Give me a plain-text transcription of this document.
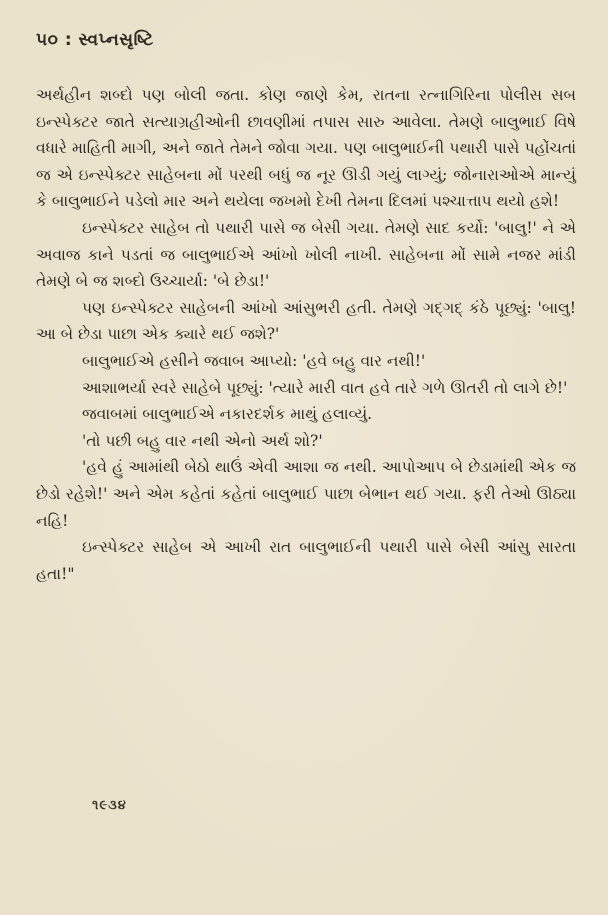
૫૦ : સ્વપ્નસૃષ્ટિ

અર્થહીન શબ્દો પણ બોલી જતા. કોણ જાણે કેમ, રાતના રત્નાગિરિના પોલીસ સબ ઇન્સ્પેક્ટર જાતે સત્યાગ્રહીઓની છાવણીમાં તપાસ સારુ આવેલા. તેમણે બાલુભાઈ વિષે વધારે માહિતી માગી, અને જાતે તેમને જોવા ગયા. પણ બાલુભાઈની પથારી પાસે પહોંચતાં જ એ ઇન્સ્પેક્ટર સાહેબના મોં પરથી બધું જ નૂર ઊડી ગયું લાગ્યું; જોનારાઓએ માન્યું કે બાલુભાઈને પડેલો માર અને થયેલા જખમો દેખી તેમના દિલમાં પશ્ચાત્તાપ થયો હશે!

ઇન્સ્પેક્ટર સાહેબ તો પથારી પાસે જ બેસી ગયા. તેમણે સાદ કર્યો: 'બાલુ!' ને એ અવાજ કાને પડતાં જ બાલુભાઈએ આંખો ખોલી નાખી. સાહેબના મોં સામે નજર માંડી તેમણે બે જ શબ્દો ઉચ્ચાર્યા: 'બે છેડા!'

પણ ઇન્સ્પેક્ટર સાહેબની આંખો આંસુભરી હતી. તેમણે ગદ્ગદ્ કંઠે પૂછ્યું: 'બાલુ! આ બે છેડા પાછા એક ક્યારે થઈ જશે?'

બાલુભાઈએ હસીને જવાબ આપ્યો: 'હવે બહુ વાર નથી!'

આશાભર્યા સ્વરે સાહેબે પૂછ્યું: 'ત્યારે મારી વાત હવે તારે ગળે ઊતરી તો લાગે છે!'

જવાબમાં બાલુભાઈએ નકારદર્શક માથું હલાવ્યું.

'તો પછી બહુ વાર નથી એનો અર્થ શો?'

'હવે હું આમાંથી બેઠો થાઉં એવી આશા જ નથી. આપોઆપ બે છેડામાંથી એક જ છેડો રહેશે!' અને એમ કહેતાં કહેતાં બાલુભાઈ પાછા બેભાન થઈ ગયા. ફરી તેઓ ઊઠ્યા નહિ!

ઇન્સ્પેક્ટર સાહેબ એ આખી રાત બાલુભાઈની પથારી પાસે બેસી આંસુ સારતા હતા!"

૧૯૩૪
